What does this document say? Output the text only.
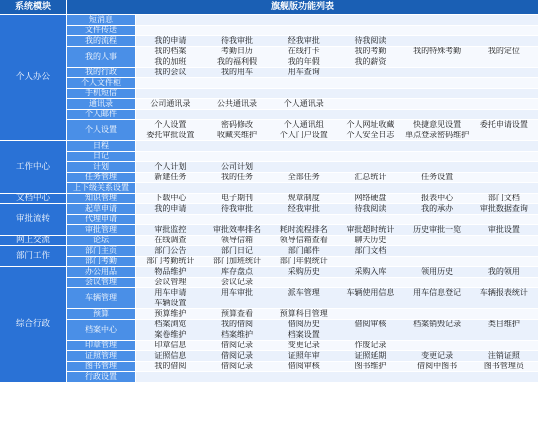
系统模块	旗舰版功能列表
短消息
文件传送
我的流程	我的申请	待我审批	经我审批	待我阅读
我的人事
我的档案	考勤日历	在线打卡	我的考勤	我的特殊考勤	我的定位
我的加班	我的福利假	我的年假	我的薪资
我的行政	我的会议	我的用车	用车查询
个人文件柜
手机短信
通讯录	公司通讯录	公共通讯录	个人通讯录
个人邮件
个人设置
个人设置	密码修改	个人通讯组	个人网址收藏	快捷意见设置	委托申请设置
委托审批设置	收藏夹维护	个人门户设置	个人安全日志	单点登录密码维护
个人办公
日程
日记
计划	个人计划	公司计划
任务管理	新建任务	我的任务	全部任务	汇总统计	任务设置
上下级关系设置
工作中心
知识管理	下载中心	电子期刊	规章制度	网络硬盘	报表中心	部门文档
文档中心
起草申请	我的申请	待我审批	经我审批	待我阅读	我的承办	审批数据查询
代理申请
审批管理	审批监控	审批效率排名	耗时流程排名	审批超时统计	历史审批一览	审批设置
审批流转
论坛	在线调查	领导信箱	领导信箱查看	聊天历史
网上交流
部门主页	部门公告	部门日记	部门邮件	部门文档
部门考勤	部门考勤统计	部门加班统计	部门年假统计
部门工作
办公用品	物品维护	库存盘点	采购历史	采购入库	领用历史	我的领用
会议管理	会议管理	会议记录
车辆管理
用车申请	用车审批	派车管理	车辆使用信息	用车信息登记	车辆报表统计
车辆设置
预算	预算维护	预算查看	预算科目管理
档案中心
档案浏览	我的借阅	借阅历史	借阅审核	档案销毁记录	类目维护
案卷维护	档案维护	档案设置
印章管理	印章信息	借阅记录	变更记录	作废记录
证照管理	证照信息	借阅记录	证照年审	证照延期	变更记录	注销证照
图书管理	我的借阅	借阅记录	借阅审核	图书维护	借阅中图书	图书管理员
行政设置
综合行政
